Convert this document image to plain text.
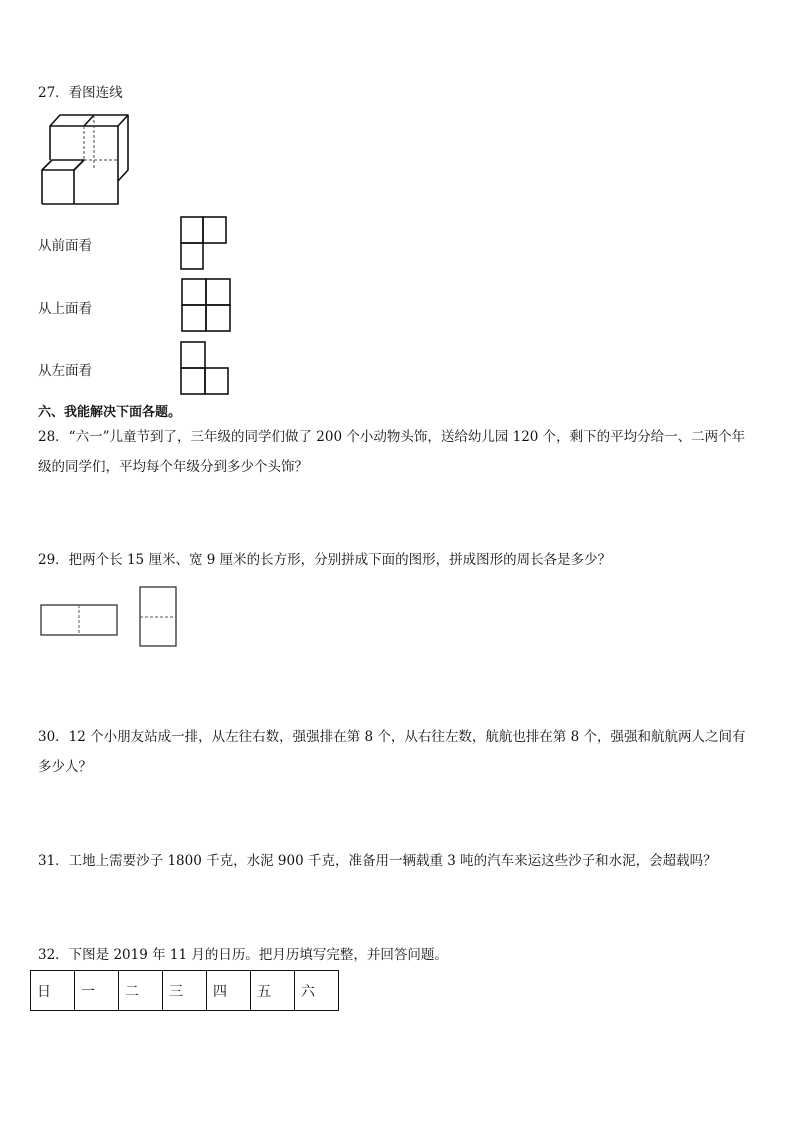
27．看图连线
从前面看
从上面看
从左面看
六、我能解决下面各题。
28．“六一”儿童节到了，三年级的同学们做了 200 个小动物头饰，送给幼儿园 120 个，剩下的平均分给一、二两个年级的同学们，平均每个年级分到多少个头饰？
29．把两个长 15 厘米、宽 9 厘米的长方形，分别拼成下面的图形，拼成图形的周长各是多少？
30．12 个小朋友站成一排，从左往右数，强强排在第 8 个，从右往左数，航航也排在第 8 个，强强和航航两人之间有多少人？
31．工地上需要沙子 1800 千克，水泥 900 千克，准备用一辆载重 3 吨的汽车来运这些沙子和水泥，会超载吗？
32．下图是 2019 年 11 月的日历。把月历填写完整，并回答问题。
日	一	二	三	四	五	六
